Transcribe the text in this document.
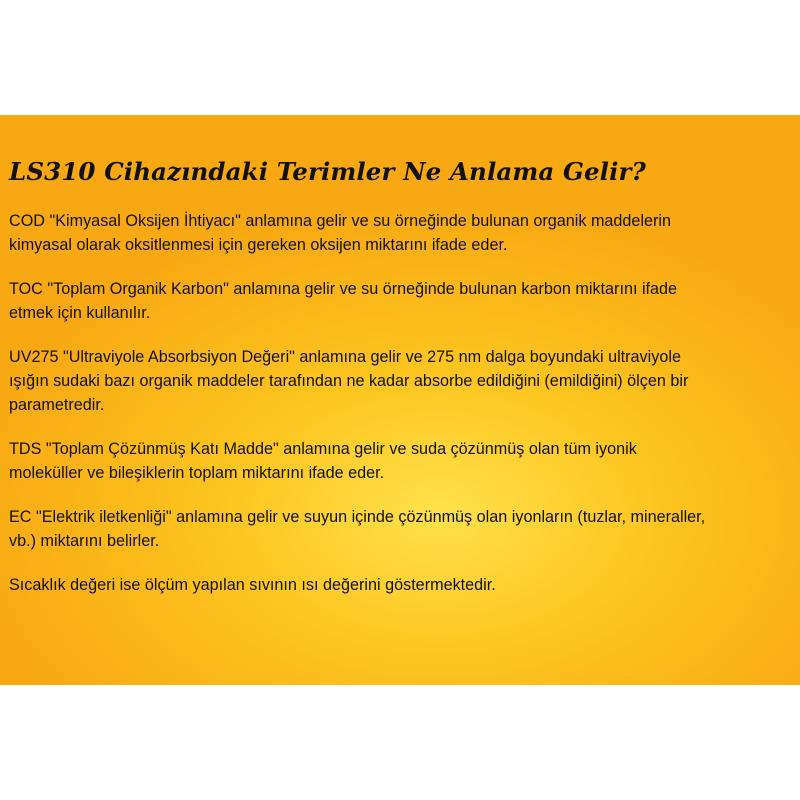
LS310 Cihazındaki Terimler Ne Anlama Gelir?

COD "Kimyasal Oksijen İhtiyacı" anlamına gelir ve su örneğinde bulunan organik maddelerin
kimyasal olarak oksitlenmesi için gereken oksijen miktarını ifade eder.

TOC "Toplam Organik Karbon" anlamına gelir ve su örneğinde bulunan karbon miktarını ifade
etmek için kullanılır.

UV275 "Ultraviyole Absorbsiyon Değeri" anlamına gelir ve 275 nm dalga boyundaki ultraviyole
ışığın sudaki bazı organik maddeler tarafından ne kadar absorbe edildiğini (emildiğini) ölçen bir
parametredir.

TDS "Toplam Çözünmüş Katı Madde" anlamına gelir ve suda çözünmüş olan tüm iyonik
moleküller ve bileşiklerin toplam miktarını ifade eder.

EC "Elektrik iletkenliği" anlamına gelir ve suyun içinde çözünmüş olan iyonların (tuzlar, mineraller,
vb.) miktarını belirler.

Sıcaklık değeri ise ölçüm yapılan sıvının ısı değerini göstermektedir.
